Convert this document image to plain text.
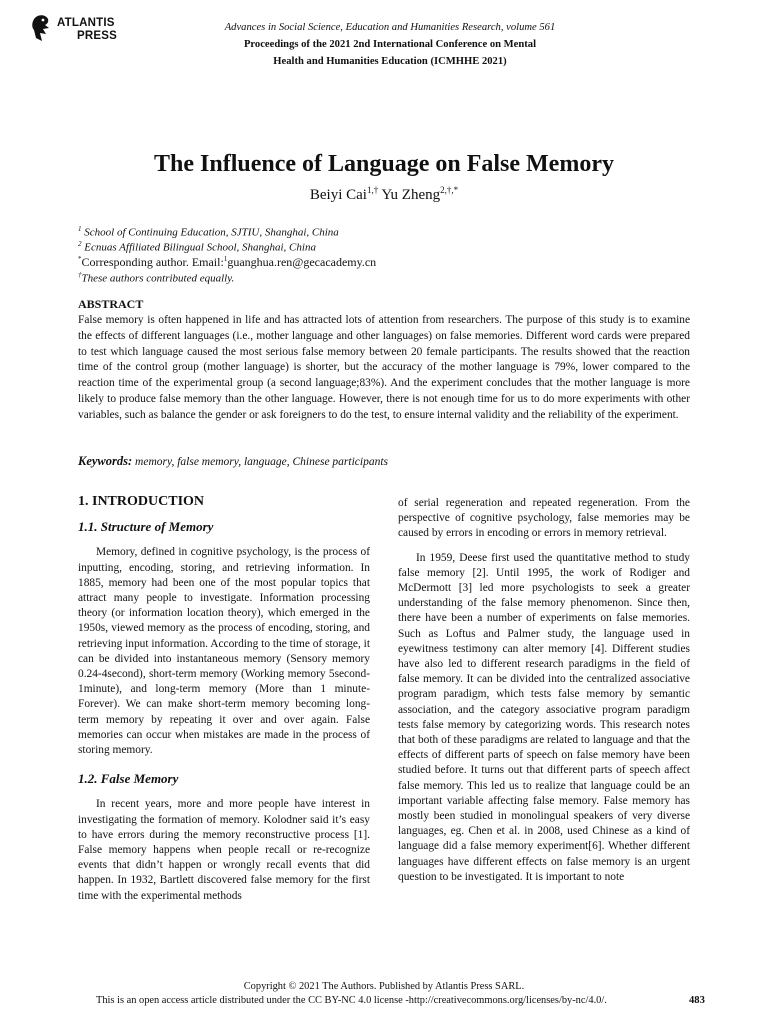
ATLANTIS
PRESS
Advances in Social Science, Education and Humanities Research, volume 561
Proceedings of the 2021 2nd International Conference on Mental
Health and Humanities Education (ICMHHE 2021)
The Influence of Language on False Memory
Beiyi Cai$^{1,\dagger}$ Yu Zheng$^{2,\dagger,*}$
$^1$ School of Continuing Education, SJTIU, Shanghai, China
$^2$ Ecnuas Affiliated Bilingual School, Shanghai, China
*Corresponding author. Email:$^1$guanghua.ren@gecacademy.cn
†These authors contributed equally.
ABSTRACT
False memory is often happened in life and has attracted lots of attention from researchers. The purpose of this study is to examine the effects of different languages (i.e., mother language and other languages) on false memories. Different word cards were prepared to test which language caused the most serious false memory between 20 female participants. The results showed that the reaction time of the control group (mother language) is shorter, but the accuracy of the mother language is 79%, lower compared to the reaction time of the experimental group (a second language;83%). And the experiment concludes that the mother language is more likely to produce false memory than the other language. However, there is not enough time for us to do more experiments with other variables, such as balance the gender or ask foreigners to do the test, to ensure internal validity and the reliability of the experiment.
Keywords: memory, false memory, language, Chinese participants

1. INTRODUCTION

1.1. Structure of Memory

Memory, defined in cognitive psychology, is the process of inputting, encoding, storing, and retrieving information. In 1885, memory had been one of the most popular topics that attract many people to investigate. Information processing theory (or information location theory), which emerged in the 1950s, viewed memory as the process of encoding, storing, and retrieving input information. According to the time of storage, it can be divided into instantaneous memory (Sensory memory 0.24-4second), short-term memory (Working memory 5second-1minute), and long-term memory (More than 1 minute-Forever). We can make short-term memory becoming long-term memory by repeating it over and over again. False memories can occur when mistakes are made in the process of storing memory.

1.2. False Memory

In recent years, more and more people have interest in investigating the formation of memory. Kolodner said it’s easy to have errors during the memory reconstructive process [1]. False memory happens when people recall or re-recognize events that didn’t happen or wrongly recall events that did happen. In 1932, Bartlett discovered false memory for the first time with the experimental methods

of serial regeneration and repeated regeneration. From the perspective of cognitive psychology, false memories may be caused by errors in encoding or errors in memory retrieval.

In 1959, Deese first used the quantitative method to study false memory [2]. Until 1995, the work of Rodiger and McDermott [3] led more psychologists to seek a greater understanding of the false memory phenomenon. Since then, there have been a number of experiments on false memories. Such as Loftus and Palmer study, the language used in eyewitness testimony can alter memory [4]. Different studies have also led to different research paradigms in the field of false memory. It can be divided into the centralized associative program paradigm, which tests false memory by semantic association, and the category associative program paradigm tests false memory by categorizing words. This research notes that both of these paradigms are related to language and that the effects of different parts of speech on false memory have been studied before. It turns out that different parts of speech affect false memory. This led us to realize that language could be an important variable affecting false memory. False memory has mostly been studied in monolingual speakers of very diverse languages, eg. Chen et al. in 2008, used Chinese as a kind of language did a false memory experiment[6]. Whether different languages have different effects on false memory is an urgent question to be investigated. It is important to note

Copyright © 2021 The Authors. Published by Atlantis Press SARL.
This is an open access article distributed under the CC BY-NC 4.0 license -http://creativecommons.org/licenses/by-nc/4.0/.	483
